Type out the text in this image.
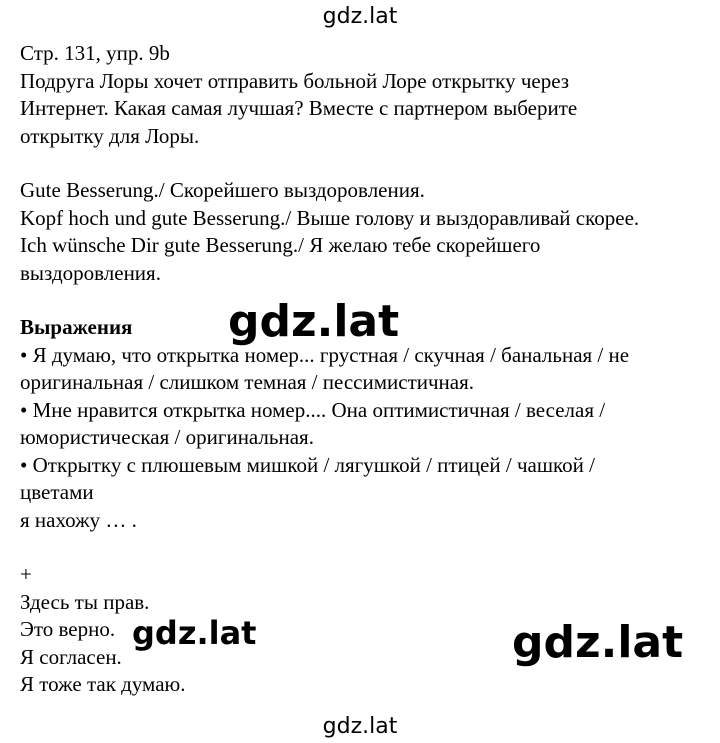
gdz.lat

Стр. 131, упр. 9b

Подруга Лоры хочет отправить больной Лоре открытку через

Интернет. Какая самая лучшая? Вместе с партнером выберите

открытку для Лоры.

Gute Besserung./ Скорейшего выздоровления.

Kopf hoch und gute Besserung./ Выше голову и выздоравливай скорее.

Ich wünsche Dir gute Besserung./ Я желаю тебе скорейшего

выздоровления.

Выражения

• Я думаю, что открытка номер... грустная / скучная / банальная / не

оригинальная / слишком темная / пессимистичная.

• Мне нравится открытка номер.... Она оптимистичная / веселая /

юмористическая / оригинальная.

• Открытку с плюшевым мишкой / лягушкой / птицей / чашкой /

цветами

я нахожу … .

+

Здесь ты прав.

Это верно.

Я согласен.

Я тоже так думаю.

gdz.lat
gdz.lat	gdz.lat
gdz.lat
